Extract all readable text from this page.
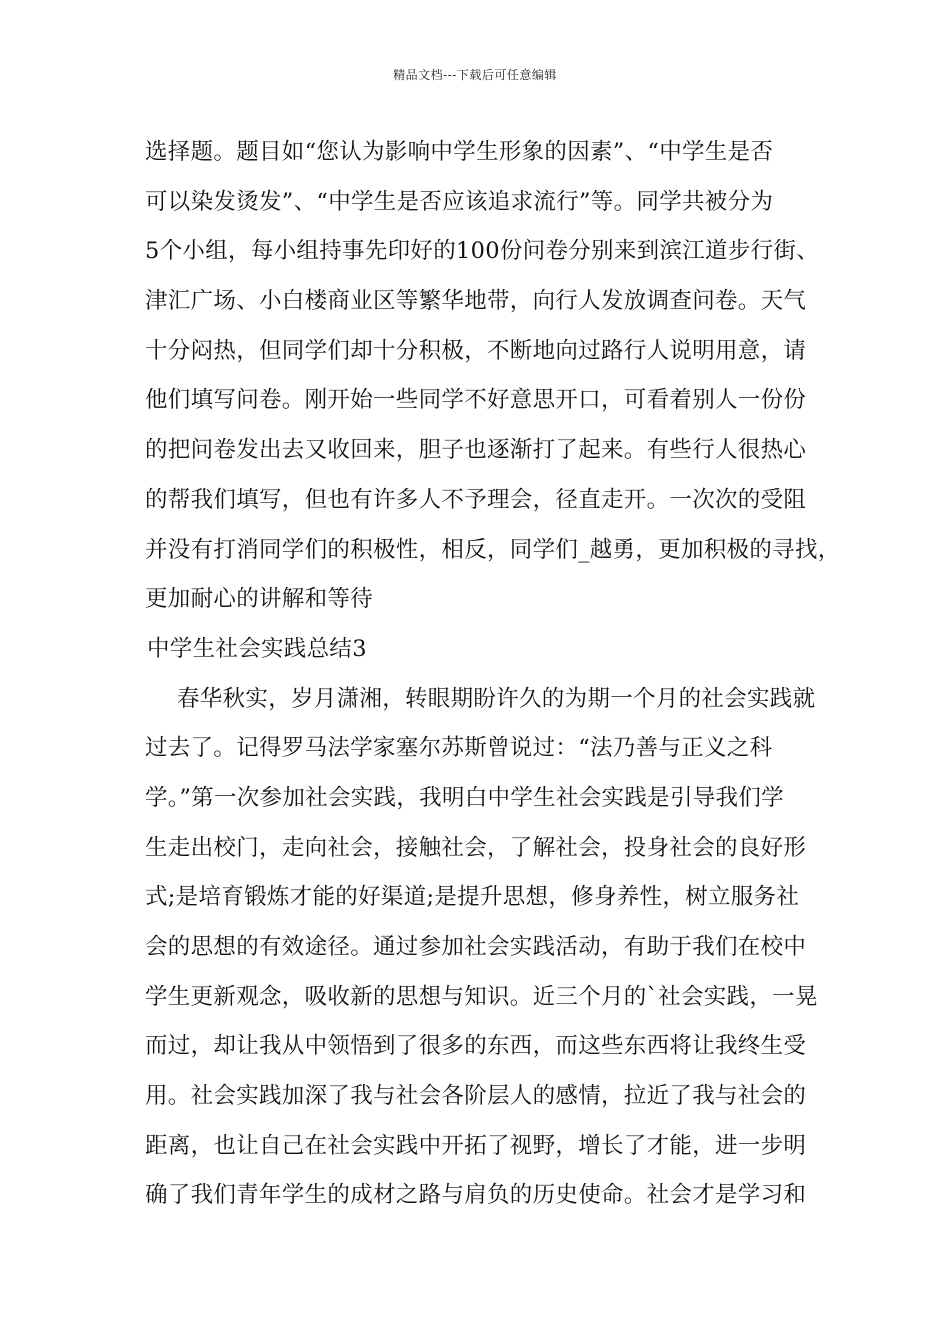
精品文档---下载后可任意编辑
选择题。题目如“您认为影响中学生形象的因素”、“中学生是否
可以染发烫发”、“中学生是否应该追求流行”等。同学共被分为
5个小组，每小组持事先印好的100份问卷分别来到滨江道步行街、
津汇广场、小白楼商业区等繁华地带，向行人发放调查问卷。天气
十分闷热，但同学们却十分积极，不断地向过路行人说明用意，请
他们填写问卷。刚开始一些同学不好意思开口，可看着别人一份份
的把问卷发出去又收回来，胆子也逐渐打了起来。有些行人很热心
的帮我们填写，但也有许多人不予理会，径直走开。一次次的受阻
并没有打消同学们的积极性，相反，同学们_越勇，更加积极的寻找，
更加耐心的讲解和等待
中学生社会实践总结3
春华秋实，岁月潇湘，转眼期盼许久的为期一个月的社会实践就
过去了。记得罗马法学家塞尔苏斯曾说过：“法乃善与正义之科
学。”第一次参加社会实践，我明白中学生社会实践是引导我们学
生走出校门，走向社会，接触社会，了解社会，投身社会的良好形
式;是培育锻炼才能的好渠道;是提升思想，修身养性，树立服务社
会的思想的有效途径。通过参加社会实践活动，有助于我们在校中
学生更新观念，吸收新的思想与知识。近三个月的`社会实践，一晃
而过，却让我从中领悟到了很多的东西，而这些东西将让我终生受
用。社会实践加深了我与社会各阶层人的感情，拉近了我与社会的
距离，也让自己在社会实践中开拓了视野，增长了才能，进一步明
确了我们青年学生的成材之路与肩负的历史使命。社会才是学习和
